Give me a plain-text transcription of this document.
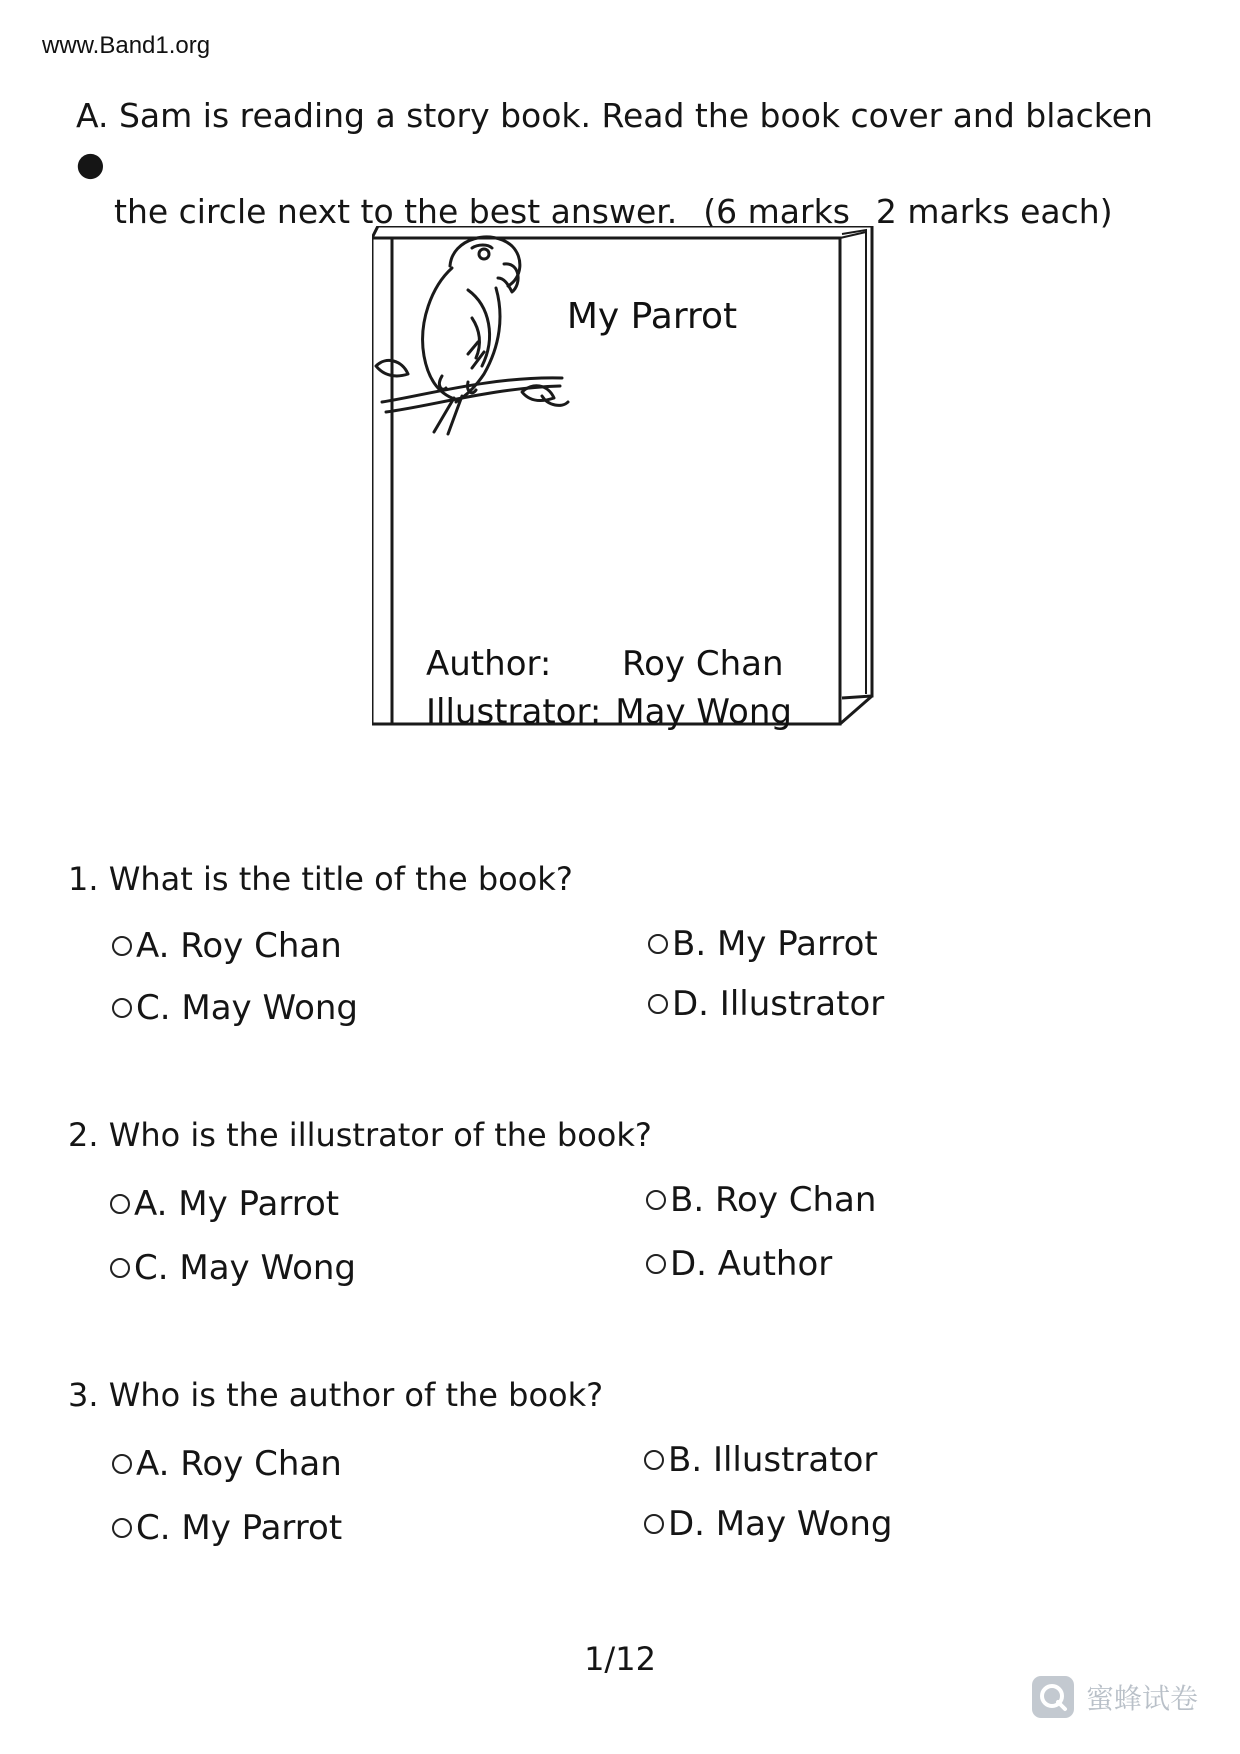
www.Band1.org
A. Sam is reading a story book. Read the book cover and blacken ●
the circle next to the best answer. (6 marks 2 marks each)
My Parrot
Author: Roy Chan
Illustrator: May Wong
1. What is the title of the book?
A. Roy Chan	B. My Parrot
C. May Wong	D. Illustrator
2. Who is the illustrator of the book?
A. My Parrot	B. Roy Chan
C. May Wong	D. Author
3. Who is the author of the book?
A. Roy Chan	B. Illustrator
C. My Parrot	D. May Wong
1/12
蜜蜂试卷
